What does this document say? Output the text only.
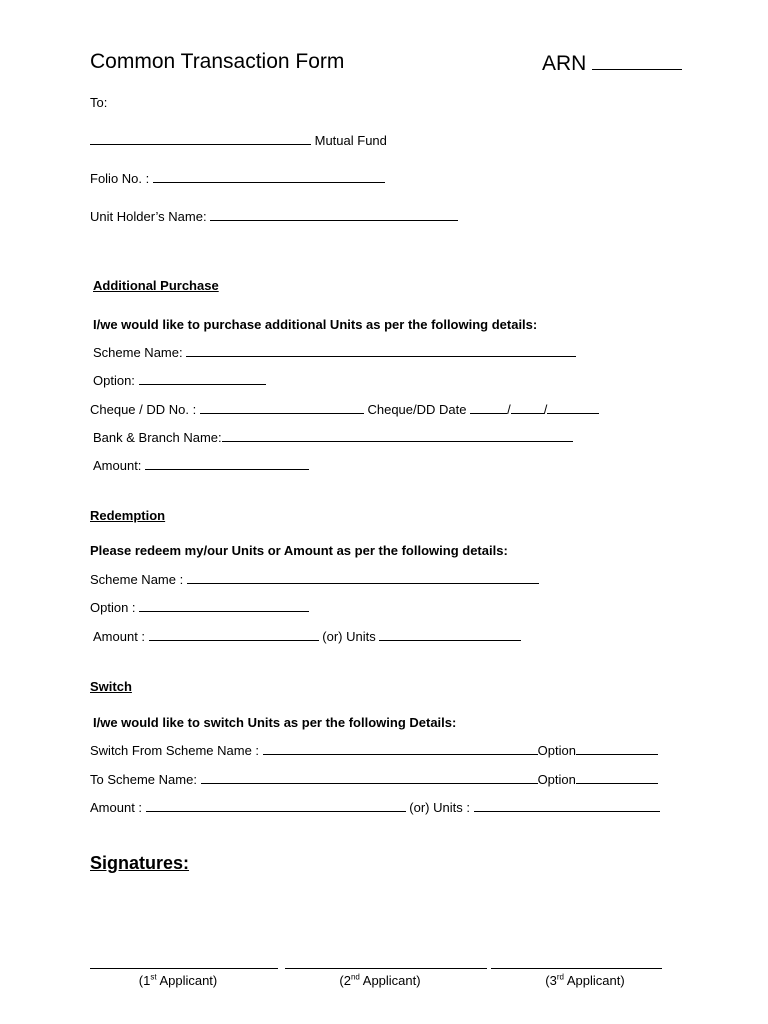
Common Transaction Form	ARN
To:
Mutual Fund
Folio No. :
Unit Holder’s Name:
Additional Purchase
I/we would like to purchase additional Units as per the following details:
Scheme Name:
Option:
Cheque / DD No. :	Cheque/DD Date	/	/
Bank & Branch Name:
Amount:
Redemption
Please redeem my/our Units or Amount as per the following details:
Scheme Name :
Option :
Amount :	(or) Units
Switch
I/we would like to switch Units as per the following Details:
Switch From Scheme Name :	Option
To Scheme Name:	Option
Amount :	(or) Units :
Signatures:
(1st Applicant)	(2nd Applicant)	(3rd Applicant)
